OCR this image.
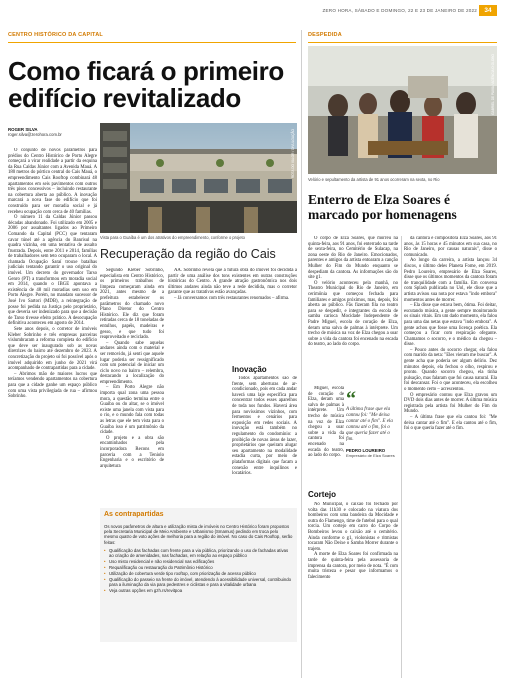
ZERO HORA, SÁBADO E DOMINGO, 22 E 23 DE JANEIRO DE 2022	34
CENTRO HISTÓRICO DA CAPITAL
Como ficará o primeiro edifício revitalizado
ROGER SILVA
roger.silva@zerohora.com.br

O conjunto de novos parâmetros para prédios do Centro Histórico de Porto Alegre começará a virar realidade a partir da esquina da Rua Caldas Júnior com a Avenida Mauá. A 180 metros do pórtico central do Cais Mauá, o empreendimento Cais Rooftop combinará 48 apartamentos em seis pavimentos com outros três pisos concessivos – incluindo restaurante na cobertura aberta ao público. A inovação marcará a nova fase do edifício que foi construído para ser moradia social e já recebeu ocupação com cerca de 40 famílias.

O número 11 da Caldas Júnior passou décadas abandonado. Foi utilizado em 2005 e 2006 por assaltantes ligados ao Primeiro Comando da Capital (PCC) que tentaram cavar túnel até a agência do Banrisul na quadra vizinha, em uma tentativa de assalto frustrada. Depois, entre 2011 e 2014, famílias de trabalhadores sem teto ocuparam o local. A chamada Ocupação Saraí trouxe batalhas judiciais tentando garantir o uso original do imóvel. Um decreto do governador Tarso Genro (PT) a transformou em moradia social em 2014, quando o IBGE apontava a existência de 48 mil moradias sem uso em Porto Alegre. Porém, no mandato sucessor de José Ivo Sartori (MDB), a reintegração de posse foi pedida na Justiça pelo proprietário, que deveria ser indenizado para que a decisão de Tarso tivesse efeito prático. A desocupação definitiva aconteceu em agosto de 2014.

Sete anos depois, o corretor de imóveis Kleber Sobrinho e três empresas parceiras vislumbraram a reforma completa do edifício que deve ser inaugurado sob as novas diretrizes do bairro até dezembro de 2023. A concretização do projeto só foi possível após o imóvel adquirido em junho de 2021 virá acompanhado de contrapartidas para a cidade.

– Abrimos mão de maiores lucros que teríamos vendendo apartamentos na cobertura para que a cidade ganhe um espaço público com uma vista privilegiada de rua – afirmou Sobrinho.

ROTA DO VALOR / DIVULGAÇÃO
Vista para o Guaíba é um dos atrativos do empreendimento, conforme o projeto
Recuperação da região do Cais

Segundo Kleber Sobrinho, especialista em Centro Histórico, os primeiros trabalhos de limpeza começaram ainda em 2021, antes mesmo de a prefeitura estabelecer os parâmetros do chamado novo Plano Diretor do Centro Histórico. Ele diz que foram retiradas cerca de 18 toneladas de entulhos, papéis, madeiras e gesso, e que tudo foi reaproveitado e reciclado.

– Quando sabe aquelas andares ainda com o material e ser removido, já senti que aquele lugar poderia ser ressignificado com um potencial de iniciar um ciclo novo no bairro – relembra, destacando a localização do empreendimento.

– Em Porto Alegre não importa qual zona uma pessoa mora, a questão termina entre o Guaíba ou do altar, se o imóvel existe uma janela com vista para o rio, e o mundo fala com todas as letras que ele tem vista para o Guaíba isso é um patrimônio da cidade.

O projeto e a obra são encaminhados pela incorporadora Recons em parceria com a Teniolo Engenharia e o escritório de arquitetura

AA. Sobrinho revela que a futura obra do imóvel foi decidida a partir de uma análise dos tons existentes em outras construções históricas do Centro. A grande atração gastronômica nos dois últimos andares ainda não teve a rede decidida, mas o corretor garante que as tratativas estão avançadas.

– Já conversamos com três restaurantes renomados – afirma.

Inovação

Todos apartamentos são de frente, sem aberturas de ar-condicionado, pois em cada andar haverá uma laje específica para concentrar todos esses aparelhos de toda nos fundos. Haverá área para novíssimos vizinhos, com fermentos e cenários para exposição em redes sociais. A inovação está também no regulamento do condomínio: a proibição de novas áreas de lazer, proprietários que queiram alugar seu apartamento na modalidade estadia curta, por meio de plataformas digitais que facam a conexão entre inquilinos e locatários.

As contrapartidas
Os novos parâmetros de altura e utilização mista de imóveis no Centro Histórico foram propostos pela Secretaria Municipal de Meio Ambiente e Urbanismo (Smamus) pedindo em troca pelo mesmo quatro de voto ações de melhoria para a região do imóvel. No caso do Cais Rooftop, serão feitas:
• Qualificação das fachadas com frente para a via pública, priorizando o uso de fachadas ativas ao criação de amenidades, nas fachadas, em relação ao espaço público
• Uso misto residencial e não residencial nas edificações
• Requalificação ou restauração do Patrimônio Histórico
• Utilização de cobertura verde tipo rooftop, com priorização de acesso público
• Qualificação do passeio na frente do imóvel, atendendo à acessibilidade universal, contribuindo para a iluminação da via para pedestres e ciclistas e para a vitalidade urbana
• Veja outras opções em gzh.rs/revitpoa
DESPEDIDA
GABRIEL DE PAIVA / AGÊNCIA O GLOBO
Velório e sepultamento da artista de 91 anos ocorreram na sexta, no Rio
Enterro de Elza Soares é marcado por homenagens

O corpo de Elza Soares, que morreu na quinta-feira, aos 91 anos, foi enterrado na tarde de sexta-feira, no Cemitério de Sulacap, na zona oeste do Rio de Janeiro. Emocionados, parentes e amigos da artista entoaram a canção Mulher do Fim do Mundo enquanto se despediam da cantora. As informações são do site g1.

O velório aconteceu pela manhã, no Theatro Municipal do Rio de Janeiro, em cerimônia que começou fechada para familiares e amigos próximos, mas, depois, foi aberta ao público. Fãs fizeram fila no teatro para se despedir, e integrantes da escola de samba carioca Mocidade Independente de Padre Miguel, escola de coração de Elza, deram uma salva de palmas à intérprete. Um trecho de música na voz de Elza chegou a soar sobre a vida da cantora foi encenado na escada do teatro, ao lado do corpo.

Miguel, escola de coração de Elza, deram uma salva de palmas à intérprete. Um trecho de música na voz de Elza chegou a soar sobre a vida da cantora foi encenado na escada do teatro, ao lado do corpo.

“
A última frase que ela cantou foi: "Me deixa cantar até o fim". E ela cantou até o fim, foi o que queria fazer até o fim.
PEDRO LOUREIRO
Empresário de Elza Soares
Cortejo

No Municipal, o caixão foi fechado por volta das 11h30 e colocado na viatura dos bombeiros com uma bandeira da Mocidade e outra do Flamengo, time de futebol para o qual torcia. Um cortejo em carro do Corpo de Bombeiros levou o caixão até o cemitério. Ainda conforme o g1, violonistas e ritmistas tocaram Não Deixe o Samba Morrer durante o trajeto.

A morte de Elza Soares foi confirmada na tarde de quinta-feira pela assessoria de imprensa da cantora, por meio de nota. "É com muita tristeza e pesar que informamos o falecimento

da cantora e compositora Elza Soares, aos 91 anos, às 15 horas e 45 minutos em sua casa, no Rio de Janeiro, por causas naturais", disse o comunicado.

Ao longo da carreira, a artista lançou 34 discos, o último deles Planeta Fome, em 2019. Pedro Loureiro, empresário de Elza Soares, disse que os últimos momentos da cantora foram de tranquilidade com a família. Em conversa com Splash publicada no Uol, ele disse que a artista avisou sua nota por estava "indo embora" momentos antes de morrer.

– Ela disse que estava bem, ótima. Foi deitar, escutando música, a gente sempre monitorando os sinais vitais. Em um dado momento, ela falou para uma das netas que estava "indo embora". A gente achou que fosse uma licença poética. Ela começou a ficar com respiração ofegante. Chamamos o socorro, e o médico da chegou – disse.

– Pouco antes do socorro chegar, ela falou com marido da neta: "Eles vieram me buscar". A gente acha que poderia ser algum delírio. Dez minutos depois, ela fechou o olho, respirou e pronto. Quando socorro chegou, ela tinha pulsação, mas falaram que foi causa natural. Ela foi descansar. Foi o que aconteceu, ela escolheu o momento certo – acrescentou.

O empresário contou que Elza gravou um DVD dois dias antes de morrer. A última música registrada pela artista foi Mulher do Fim do Mundo.

– A última frase que ela cantou foi: "Me deixa cantar até o fim". E ela cantou até o fim, foi o que queria fazer até o fim.
